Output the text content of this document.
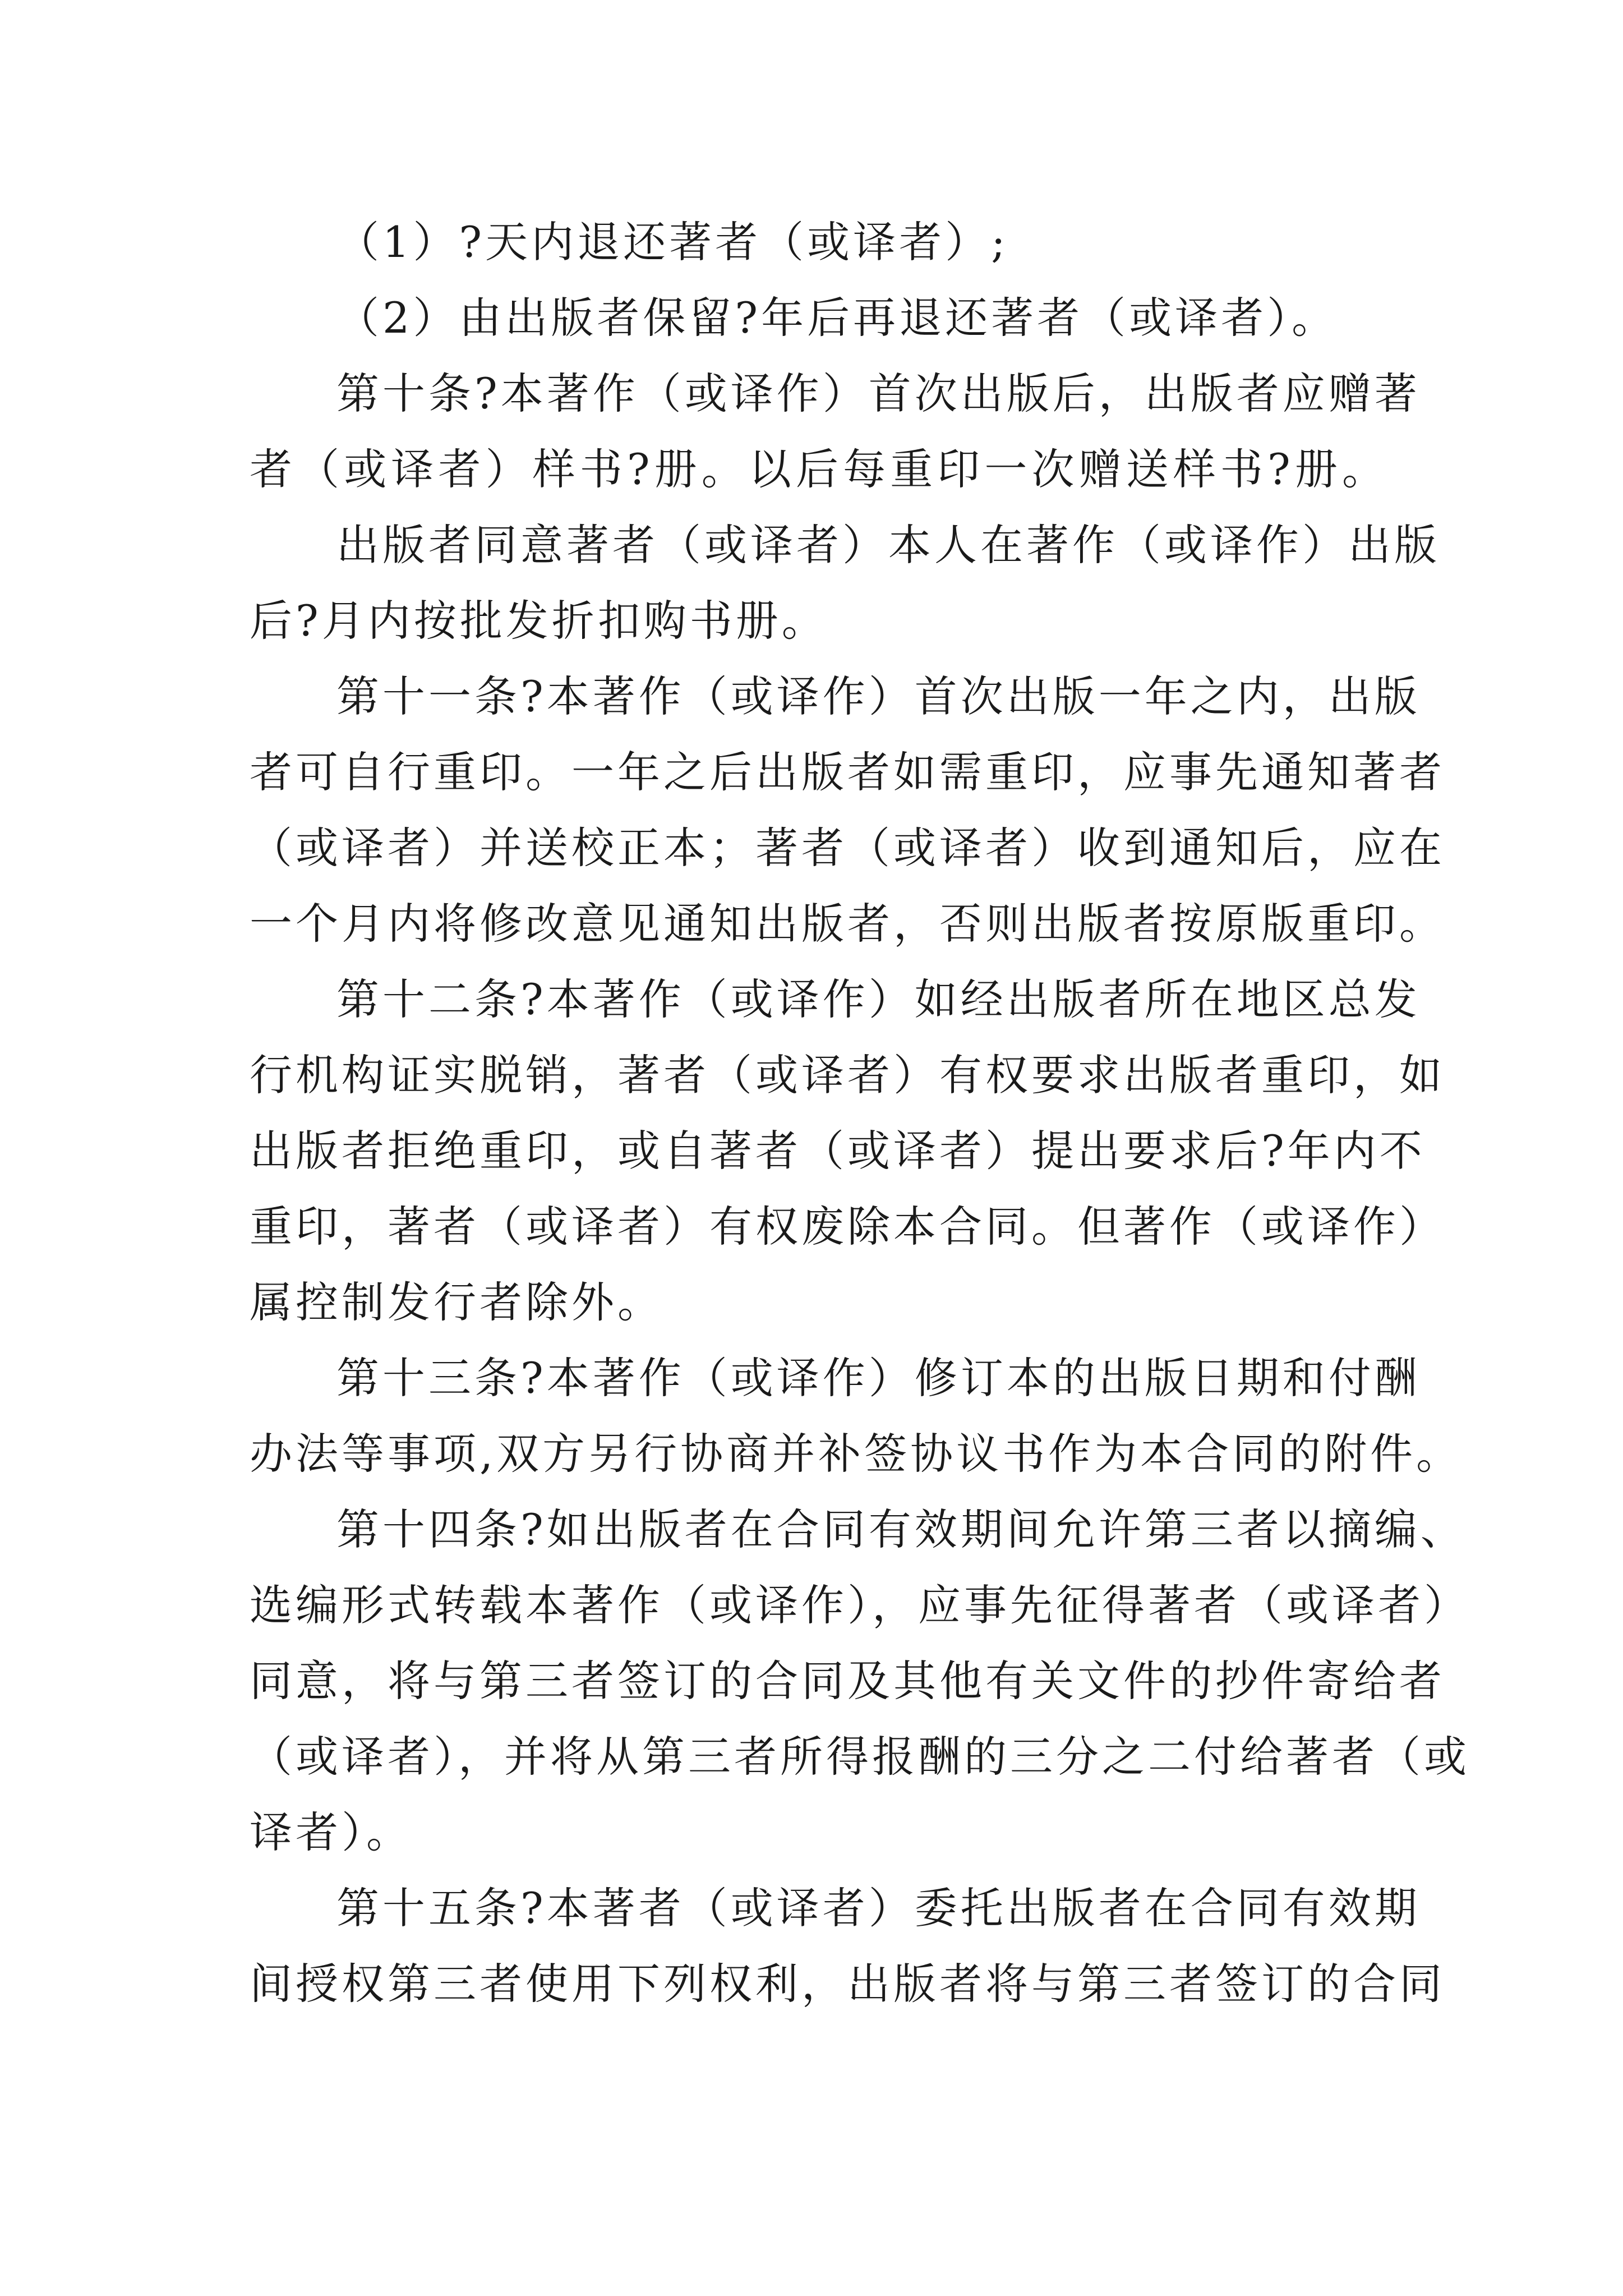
（1）?天内退还著者（或译者）;

（2）由出版者保留?年后再退还著者（或译者）。

第十条?本著作（或译作）首次出版后，出版者应赠著

者（或译者）样书?册。以后每重印一次赠送样书?册。

出版者同意著者（或译者）本人在著作（或译作）出版

后?月内按批发折扣购书册。

第十一条?本著作（或译作）首次出版一年之内，出版

者可自行重印。一年之后出版者如需重印，应事先通知著者

（或译者）并送校正本；著者（或译者）收到通知后，应在

一个月内将修改意见通知出版者，否则出版者按原版重印。

第十二条?本著作（或译作）如经出版者所在地区总发

行机构证实脱销，著者（或译者）有权要求出版者重印，如

出版者拒绝重印，或自著者（或译者）提出要求后?年内不

重印，著者（或译者）有权废除本合同。但著作（或译作）

属控制发行者除外。

第十三条?本著作（或译作）修订本的出版日期和付酬

办法等事项,双方另行协商并补签协议书作为本合同的附件。

第十四条?如出版者在合同有效期间允许第三者以摘编、

选编形式转载本著作（或译作），应事先征得著者（或译者）

同意，将与第三者签订的合同及其他有关文件的抄件寄给者

（或译者），并将从第三者所得报酬的三分之二付给著者（或

译者）。

第十五条?本著者（或译者）委托出版者在合同有效期

间授权第三者使用下列权利，出版者将与第三者签订的合同
